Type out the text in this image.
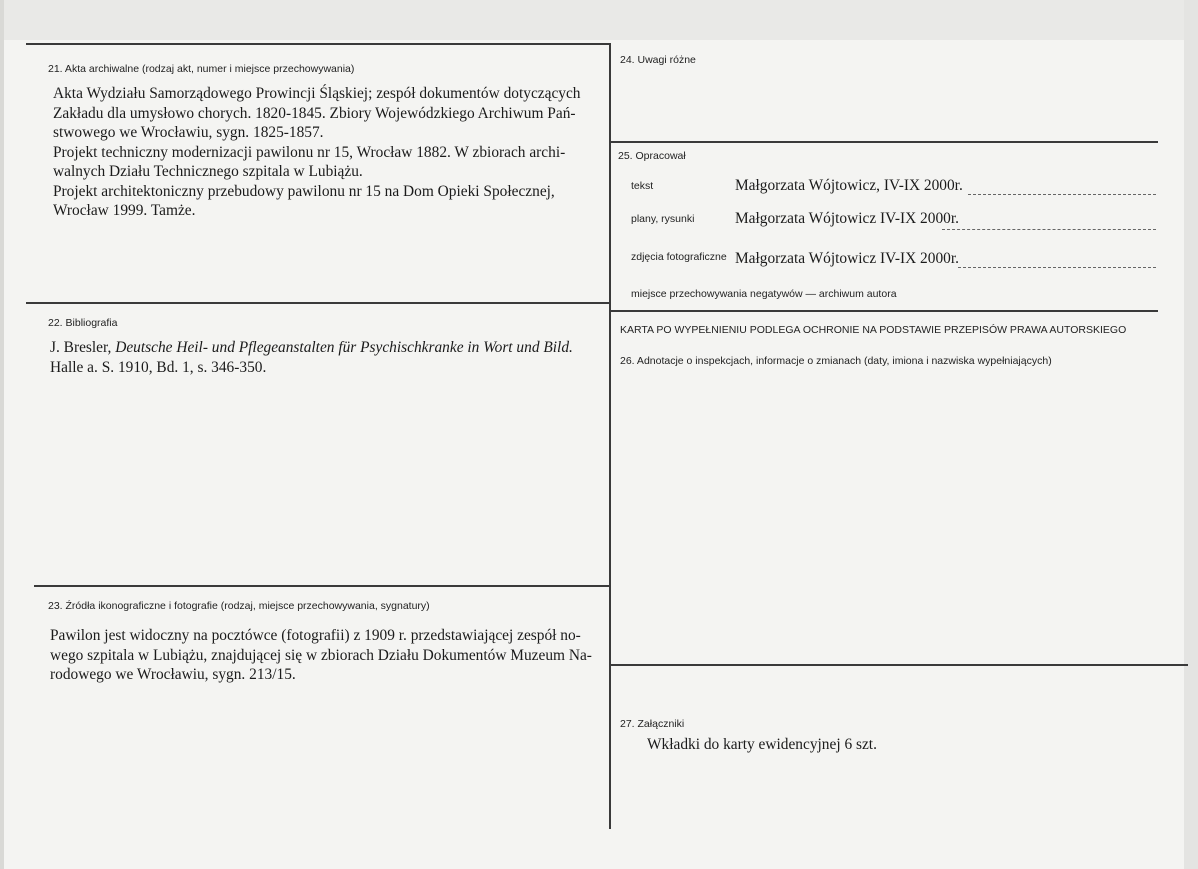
21. Akta archiwalne (rodzaj akt, numer i miejsce przechowywania)
Akta Wydziału Samorządowego Prowincji Śląskiej; zespół dokumentów dotyczących
Zakładu dla umysłowo chorych. 1820-1845. Zbiory Wojewódzkiego Archiwum Pań-
stwowego we Wrocławiu, sygn. 1825-1857.
Projekt techniczny modernizacji pawilonu nr 15, Wrocław 1882. W zbiorach archi-
walnych Działu Technicznego szpitala w Lubiążu.
Projekt architektoniczny przebudowy pawilonu nr 15 na Dom Opieki Społecznej,
Wrocław 1999. Tamże.
22. Bibliografia
J. Bresler, Deutsche Heil- und Pflegeanstalten für Psychischkranke in Wort und Bild.
Halle a. S. 1910, Bd. 1, s. 346-350.
23. Źródła ikonograficzne i fotografie (rodzaj, miejsce przechowywania, sygnatury)
Pawilon jest widoczny na pocztówce (fotografii) z 1909 r. przedstawiającej zespół no-
wego szpitala w Lubiążu, znajdującej się w zbiorach Działu Dokumentów Muzeum Na-
rodowego we Wrocławiu, sygn. 213/15.
24. Uwagi różne
25. Opracował
tekst	Małgorzata Wójtowicz, IV-IX 2000r.
plany, rysunki	Małgorzata Wójtowicz IV-IX 2000r.
zdjęcia fotograficzne Małgorzata Wójtowicz IV-IX 2000r.
miejsce przechowywania negatywów — archiwum autora
KARTA PO WYPEŁNIENIU PODLEGA OCHRONIE NA PODSTAWIE PRZEPISÓW PRAWA AUTORSKIEGO
26. Adnotacje o inspekcjach, informacje o zmianach (daty, imiona i nazwiska wypełniających)
27. Załączniki
Wkładki do karty ewidencyjnej 6 szt.
